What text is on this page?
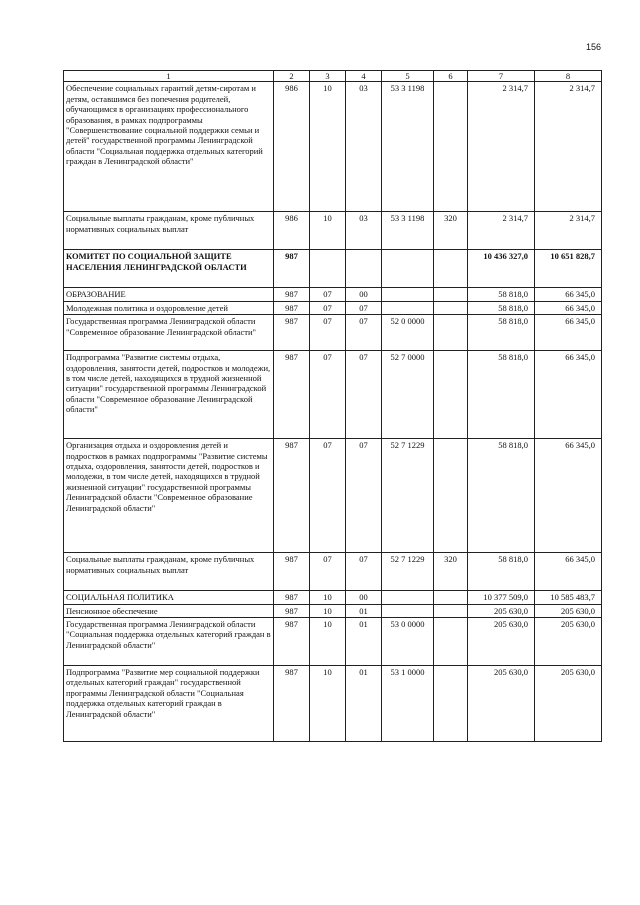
156
1	2	3	4	5	6	7	8
Обеспечение социальных гарантий детям-сиротам и детям, оставшимся без попечения родителей, обучающимся в организациях профессионального образования, в рамках подпрограммы "Совершенствование социальной поддержки семьи и детей" государственной программы Ленинградской области "Социальная поддержка отдельных категорий граждан в Ленинградской области"	986	10	03	53 3 1198		2 314,7	2 314,7
Социальные выплаты гражданам, кроме публичных нормативных социальных выплат	986	10	03	53 3 1198	320	2 314,7	2 314,7
КОМИТЕТ ПО СОЦИАЛЬНОЙ ЗАЩИТЕ НАСЕЛЕНИЯ ЛЕНИНГРАДСКОЙ ОБЛАСТИ	987					10 436 327,0	10 651 828,7
ОБРАЗОВАНИЕ	987	07	00			58 818,0	66 345,0
Молодежная политика и оздоровление детей	987	07	07			58 818,0	66 345,0
Государственная программа Ленинградской области "Современное образование Ленинградской области"	987	07	07	52 0 0000		58 818,0	66 345,0
Подпрограмма "Развитие системы отдыха, оздоровления, занятости детей, подростков и молодежи, в том числе детей, находящихся в трудной жизненной ситуации" государственной программы Ленинградской области "Современное образование Ленинградской области"	987	07	07	52 7 0000		58 818,0	66 345,0
Организация отдыха и оздоровления детей и подростков в рамках подпрограммы "Развитие системы отдыха, оздоровления, занятости детей, подростков и молодежи, в том числе детей, находящихся в трудной жизненной ситуации" государственной программы Ленинградской области "Современное образование Ленинградской области"	987	07	07	52 7 1229		58 818,0	66 345,0
Социальные выплаты гражданам, кроме публичных нормативных социальных выплат	987	07	07	52 7 1229	320	58 818,0	66 345,0
СОЦИАЛЬНАЯ ПОЛИТИКА	987	10	00			10 377 509,0	10 585 483,7
Пенсионное обеспечение	987	10	01			205 630,0	205 630,0
Государственная программа Ленинградской области "Социальная поддержка отдельных категорий граждан в Ленинградской области"	987	10	01	53 0 0000		205 630,0	205 630,0
Подпрограмма "Развитие мер социальной поддержки отдельных категорий граждан" государственной программы Ленинградской области "Социальная поддержка отдельных категорий граждан в Ленинградской области"	987	10	01	53 1 0000		205 630,0	205 630,0
